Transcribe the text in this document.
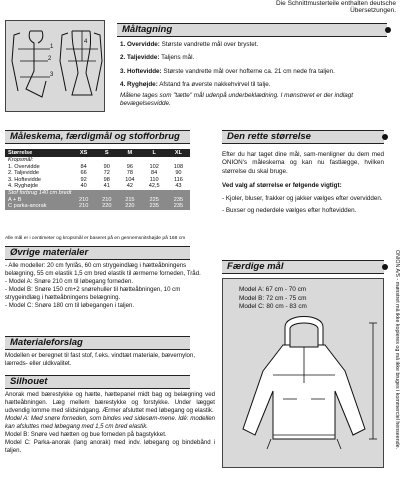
Die Schnittmusterteile enthalten deutsche Übersetzungen.
1
2
3
4
Måltagning
1. Overvidde: Største vandrette mål over brystet.
2. Taljevidde: Taljens mål.
3. Hoftevidde: Største vandrette mål over hofterne ca. 21 cm nede fra taljen.
4. Ryghøjde: Afstand fra øverste nakkehvirvel til talje.
Målene tages som "tætte" mål udenpå underbeklædning. I mønstreret er der indlagt bevægelsesvidde.
Måleskema, færdigmål og stofforbrug
Størrelse	XS	S	M	L	XL
Kropsmål:					
1. Overvidde	84	90	96	102	108
2. Taljevidde	66	72	78	84	90
3. Hoftevidde	92	98	104	110	116
4. Ryghøjde	40	41	42	42,5	43
Stof forbrug 140 cm bredt					
A + B	210	210	215	225	235
C parka-anorak	210	220	220	235	235
Alle mål er i centimeter og kropsmål er baseret på en gennemsnitshøjde på 168 cm
Den rette størrelse
Efter du har taget dine mål, sam-menligner du dem med ONION's måleskema og kan nu fastlægge, hvilken størrelse du skal bruge.
Ved valg af størrelse er følgende vigtigt:
- Kjoler, bluser, frakker og jakker vælges efter overvidden.
- Buxser og nederdele vælges efter hoftevidden.
Øvrige materialer
- Alle modeller: 20 cm fynlås, 60 cm strygeindlæg i hætteåbningens belægning, 55 cm elastik 1,5 cm bred elastik til ærmerne forneden, Tråd.
- Model A: Snøre 210 cm til løbegang forneden.
- Model B: Snøre 150 cm+2 snørehuller til hætteåbningen, 10 cm strygeindlæg i hætteåbningens belægning.
- Model C: Snøre 180 cm til løbegangen i taljen.
Materialeforslag
Modellen er beregnet til fast stof, f.eks. vindtæt materiale, bævernylon, lærreds- eller uldkvalitet.
Silhouet
Anorak med bærestykke og hætte, hættepanel midt bag og belægning ved hætteåbningen. Læg mellem bærestykke og forstykke. Under lægget udvendig lomme med slidsindgang. Ærmer afsluttet med løbegang og elastik.
Model A: Med snøre forneden, som bindes ved sidesøm-mene. Idé: modellen kan afsluttes med løbegang med 1,5 cm bred elastik.
Model B: Snøre ved hætten og bue forneden på bagstykket.
Model C: Parka-anorak (lang anorak) med indv. løbegang og bindebånd i taljen.
Færdige mål
Model A: 67 cm - 70 cm
Model B: 72 cm - 75 cm
Model C: 80 cm - 83 cm	ONION A/S - mønstret må ikke kopieres og må ikke bruges i kommerciel henseende.
